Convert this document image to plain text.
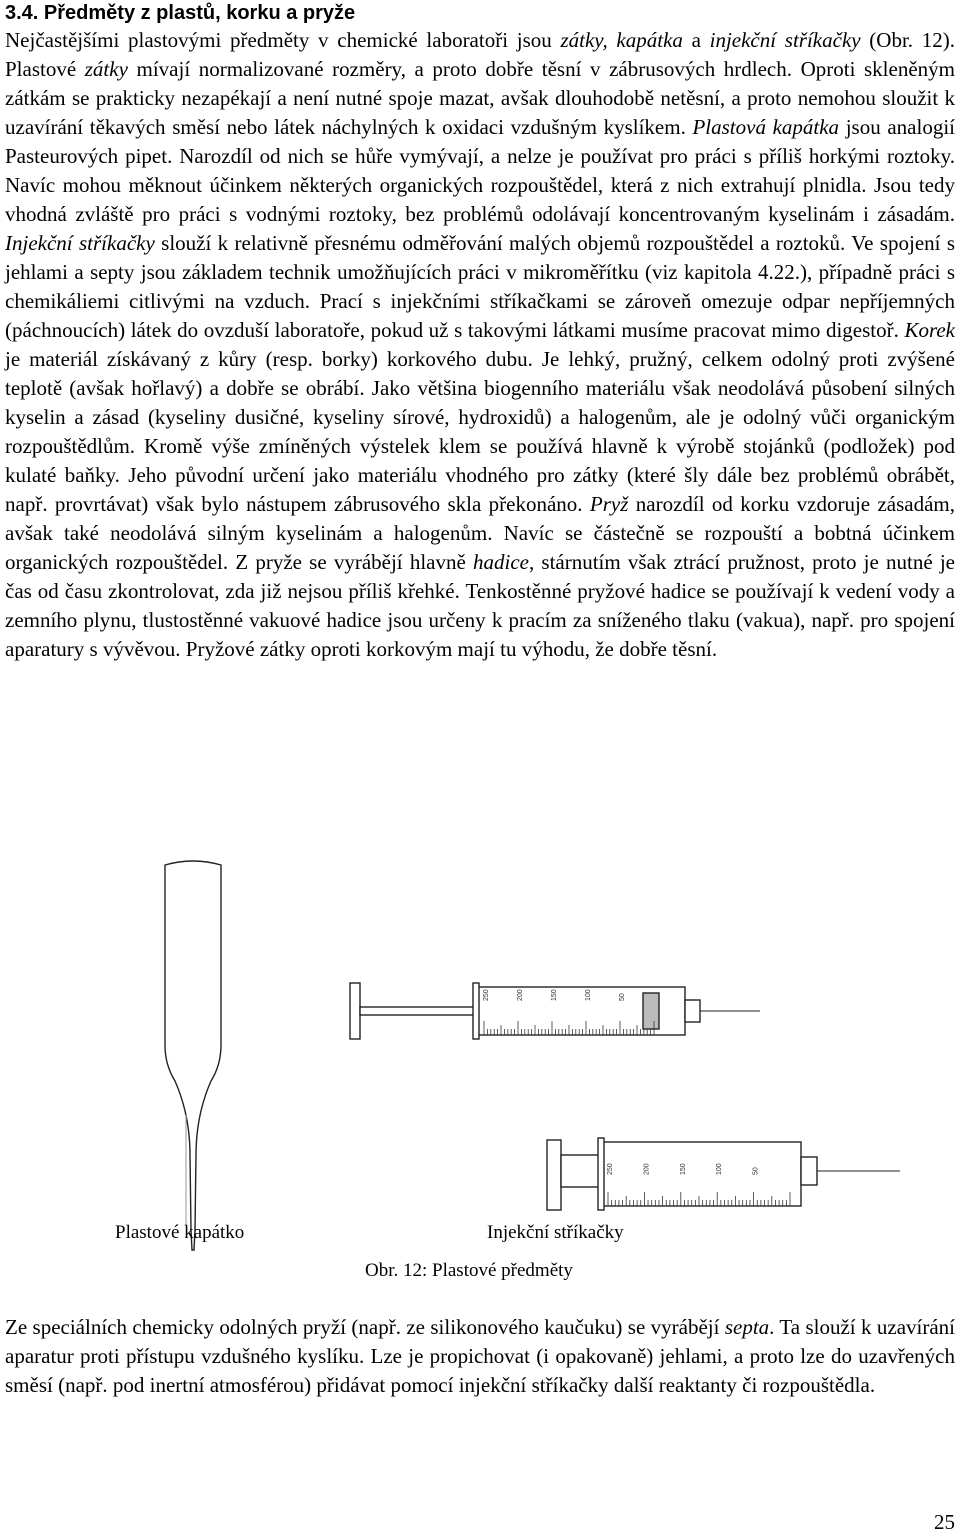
3.4. Předměty z plastů, korku a pryže

Nejčastějšími plastovými předměty v chemické laboratoři jsou zátky, kapátka a injekční stříkačky (Obr. 12). Plastové zátky mívají normalizované rozměry, a proto dobře těsní v zábrusových hrdlech. Oproti skleněným zátkám se prakticky nezapékají a není nutné spoje mazat, avšak dlouhodobě netěsní, a proto nemohou sloužit k uzavírání těkavých směsí nebo látek náchylných k oxidaci vzdušným kyslíkem. Plastová kapátka jsou analogií Pasteurových pipet. Narozdíl od nich se hůře vymývají, a nelze je používat pro práci s příliš horkými roztoky. Navíc mohou měknout účinkem některých organických rozpouštědel, která z nich extrahují plnidla. Jsou tedy vhodná zvláště pro práci s vodnými roztoky, bez problémů odolávají koncentrovaným kyselinám i zásadám. Injekční stříkačky slouží k relativně přesnému odměřování malých objemů rozpouštědel a roztoků. Ve spojení s jehlami a septy jsou základem technik umožňujících práci v mikroměřítku (viz kapitola 4.22.), případně práci s chemikáliemi citlivými na vzduch. Prací s injekčními stříkačkami se zároveň omezuje odpar nepříjemných (páchnoucích) látek do ovzduší laboratoře, pokud už s takovými látkami musíme pracovat mimo digestoř. Korek je materiál získávaný z kůry (resp. borky) korkového dubu. Je lehký, pružný, celkem odolný proti zvýšené teplotě (avšak hořlavý) a dobře se obrábí. Jako většina biogenního materiálu však neodolává působení silných kyselin a zásad (kyseliny dusičné, kyseliny sírové, hydroxidů) a halogenům, ale je odolný vůči organickým rozpouštědlům. Kromě výše zmíněných výstelek klem se používá hlavně k výrobě stojánků (podložek) pod kulaté baňky. Jeho původní určení jako materiálu vhodného pro zátky (které šly dále bez problémů obrábět, např. provrtávat) však bylo nástupem zábrusového skla překonáno. Pryž narozdíl od korku vzdoruje zásadám, avšak také neodolává silným kyselinám a halogenům. Navíc se částečně se rozpouští a bobtná účinkem organických rozpouštědel. Z pryže se vyrábějí hlavně hadice, stárnutím však ztrácí pružnost, proto je nutné je čas od času zkontrolovat, zda již nejsou příliš křehké. Tenkostěnné pryžové hadice se používají k vedení vody a zemního plynu, tlustostěnné vakuové hadice jsou určeny k pracím za sníženého tlaku (vakua), např. pro spojení aparatury s vývěvou. Pryžové zátky oproti korkovým mají tu výhodu, že dobře těsní.

250	200	150	100	50
250	200	150	100	50
Plastové kapátko	Injekční stříkačky
Obr. 12: Plastové předměty

Ze speciálních chemicky odolných pryží (např. ze silikonového kaučuku) se vyrábějí septa. Ta slouží k uzavírání aparatur proti přístupu vzdušného kyslíku. Lze je propichovat (i opakovaně) jehlami, a proto lze do uzavřených směsí (např. pod inertní atmosférou) přidávat pomocí injekční stříkačky další reaktanty či rozpouštědla.

25
